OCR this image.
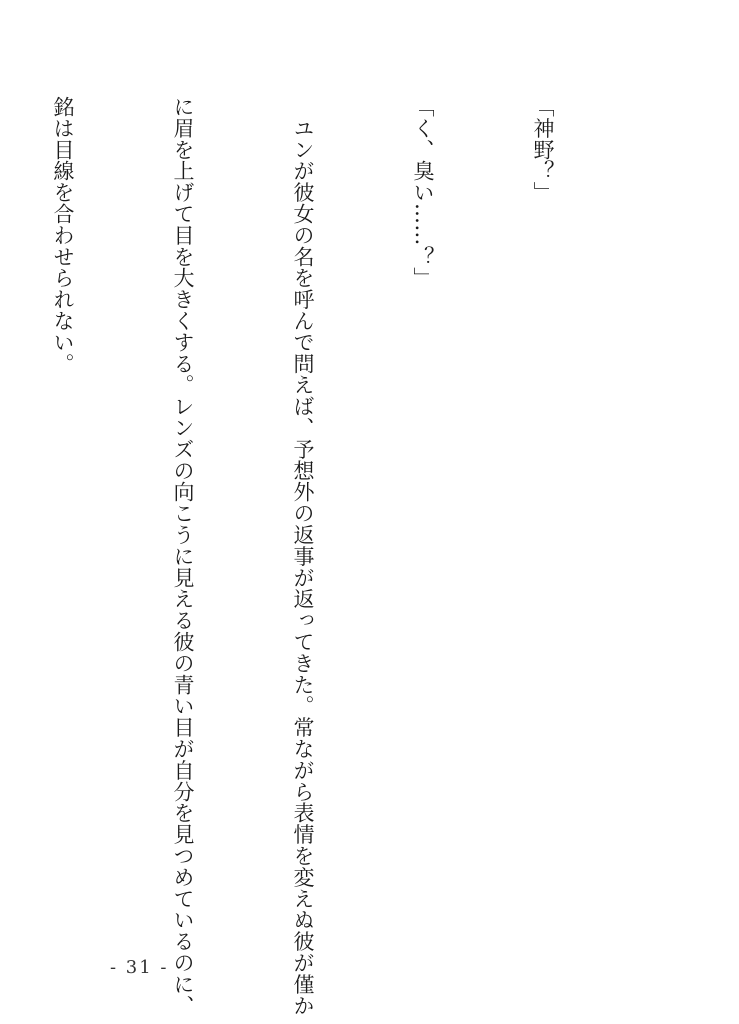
「神野？」

「く、臭い……？」

　ユンが彼女の名を呼んで問えば、予想外の返事が返ってきた。常ながら表情を変えぬ彼が僅か

に眉を上げて目を大きくする。レンズの向こうに見える彼の青い目が自分を見つめているのに、

銘は目線を合わせられない。

- 31 -
